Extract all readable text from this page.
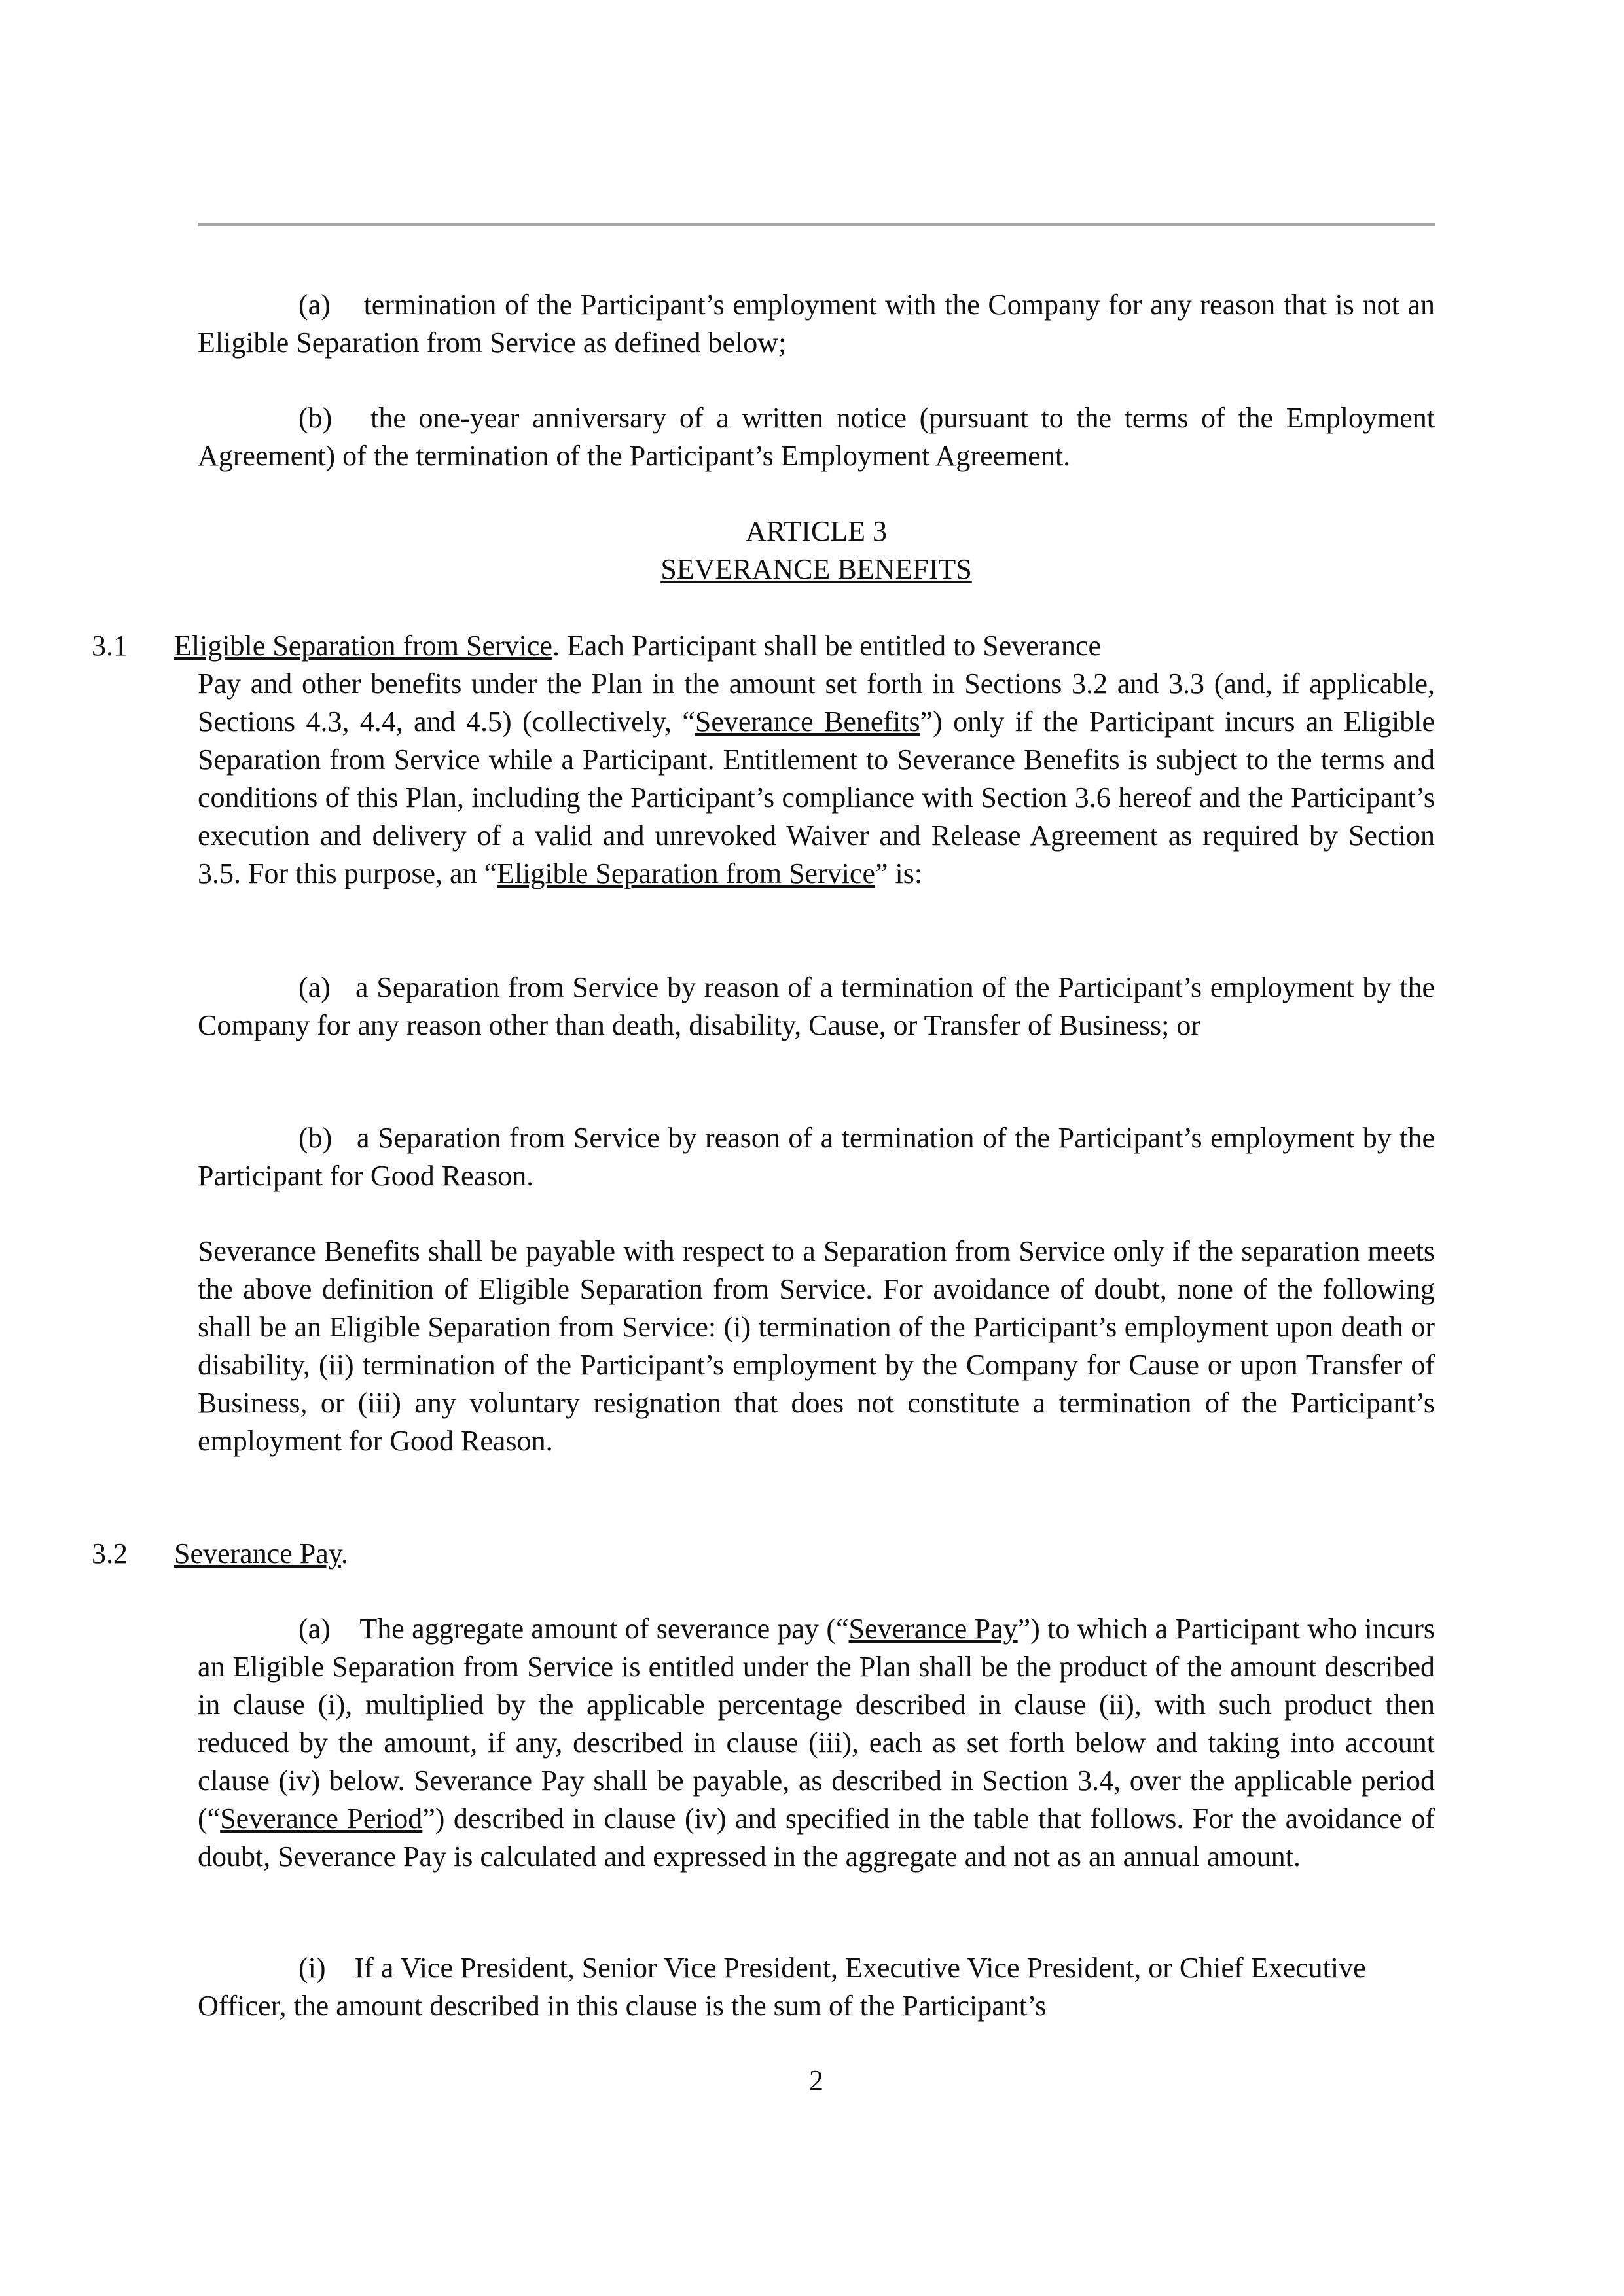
(a) termination of the Participant’s employment with the Company for any reason that is not an Eligible Separation from Service as defined below;

(b) the one-year anniversary of a written notice (pursuant to the terms of the Employment Agreement) of the termination of the Participant’s Employment Agreement.

ARTICLE 3
SEVERANCE BENEFITS
3.1 Eligible Separation from Service. Each Participant shall be entitled to Severance

Pay and other benefits under the Plan in the amount set forth in Sections 3.2 and 3.3 (and, if applicable, Sections 4.3, 4.4, and 4.5) (collectively, “Severance Benefits”) only if the Participant incurs an Eligible Separation from Service while a Participant. Entitlement to Severance Benefits is subject to the terms and conditions of this Plan, including the Participant’s compliance with Section 3.6 hereof and the Participant’s execution and delivery of a valid and unrevoked Waiver and Release Agreement as required by Section 3.5. For this purpose, an “Eligible Separation from Service” is:

(a) a Separation from Service by reason of a termination of the Participant’s employment by the Company for any reason other than death, disability, Cause, or Transfer of Business; or

(b) a Separation from Service by reason of a termination of the Participant’s employment by the Participant for Good Reason.

Severance Benefits shall be payable with respect to a Separation from Service only if the separation meets the above definition of Eligible Separation from Service. For avoidance of doubt, none of the following shall be an Eligible Separation from Service: (i) termination of the Participant’s employment upon death or disability, (ii) termination of the Participant’s employment by the Company for Cause or upon Transfer of Business, or (iii) any voluntary resignation that does not constitute a termination of the Participant’s employment for Good Reason.

3.2 Severance Pay.

(a) The aggregate amount of severance pay (“Severance Pay”) to which a Participant who incurs an Eligible Separation from Service is entitled under the Plan shall be the product of the amount described in clause (i), multiplied by the applicable percentage described in clause (ii), with such product then reduced by the amount, if any, described in clause (iii), each as set forth below and taking into account clause (iv) below. Severance Pay shall be payable, as described in Section 3.4, over the applicable period (“Severance Period”) described in clause (iv) and specified in the table that follows. For the avoidance of doubt, Severance Pay is calculated and expressed in the aggregate and not as an annual amount.

(i) If a Vice President, Senior Vice President, Executive Vice President, or Chief Executive Officer, the amount described in this clause is the sum of the Participant’s

2
